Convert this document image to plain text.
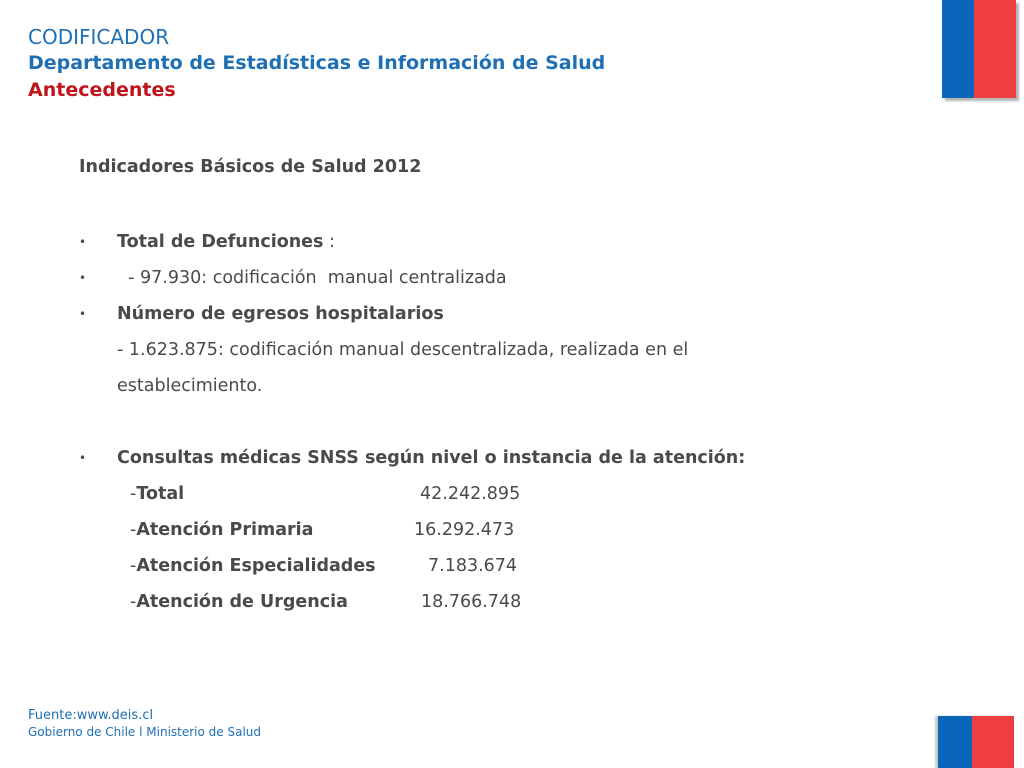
CODIFICADOR
Departamento de Estadísticas e Información de Salud
Antecedentes
Indicadores Básicos de Salud 2012
• Total de Defunciones :
• - 97.930: codificación  manual centralizada
• Número de egresos hospitalarios
- 1.623.875: codificación manual descentralizada, realizada en el
establecimiento.
• Consultas médicas SNSS según nivel o instancia de la atención:
-Total	42.242.895
-Atención Primaria	16.292.473
-Atención Especialidades	7.183.674
-Atención de Urgencia	18.766.748
Fuente:www.deis.cl
Gobierno de Chile l Ministerio de Salud
